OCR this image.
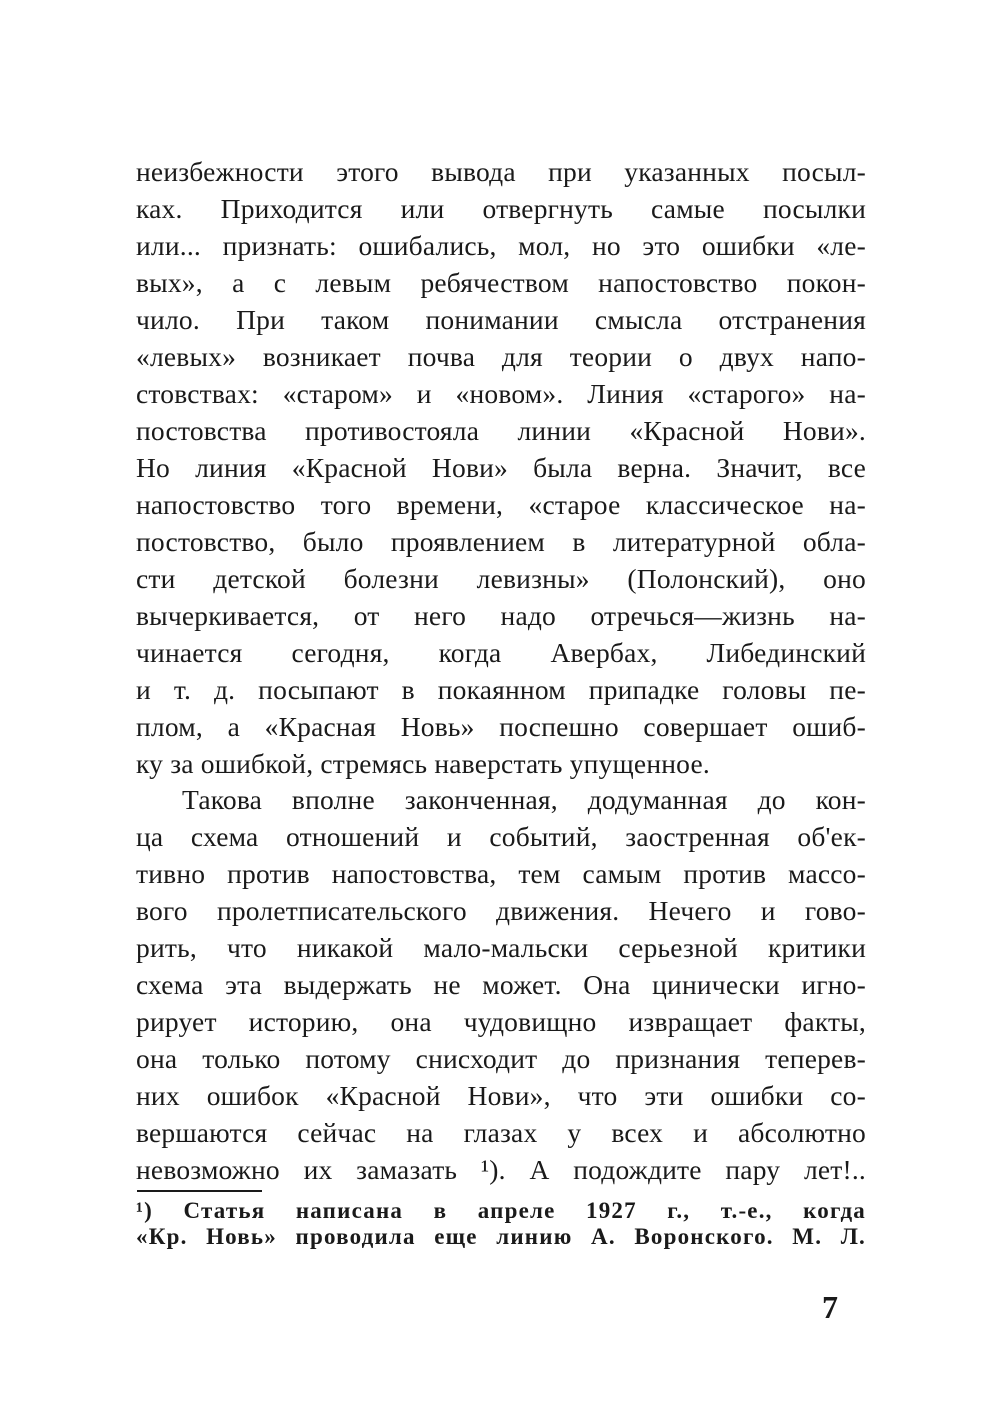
неизбежности этого вывода при указанных посыл-
ках. Приходится или отвергнуть самые посылки
или... признать: ошибались, мол, но это ошибки «ле-
вых», а с левым ребячеством напостовство покон-
чило. При таком понимании смысла отстранения
«левых» возникает почва для теории о двух напо-
стовствах: «старом» и «новом». Линия «старого» на-
постовства противостояла линии «Красной Нови».
Но линия «Красной Нови» была верна. Значит, все
напостовство того времени, «старое классическое на-
постовство, было проявлением в литературной обла-
сти детской болезни левизны» (Полонский), оно
вычеркивается, от него надо отречься—жизнь на-
чинается сегодня, когда Авербах, Либединский
и т. д. посыпают в покаянном припадке головы пе-
плом, а «Красная Новь» поспешно совершает ошиб-
ку за ошибкой, стремясь наверстать упущенное.
Такова вполне законченная, додуманная до кон-
ца схема отношений и событий, заостренная об'ек-
тивно против напостовства, тем самым против массо-
вого пролетписательского движения. Нечего и гово-
рить, что никакой мало-мальски серьезной критики
схема эта выдержать не может. Она цинически игно-
рирует историю, она чудовищно извращает факты,
она только потому снисходит до признания теперев-
них ошибок «Красной Нови», что эти ошибки со-
вершаются сейчас на глазах у всех и абсолютно
невозможно их замазать ¹). А подождите пару лет!..
¹) Статья написана в апреле 1927 г., т.-е., когда
«Кр. Новь» проводила еще линию А. Воронского. М. Л.
7
